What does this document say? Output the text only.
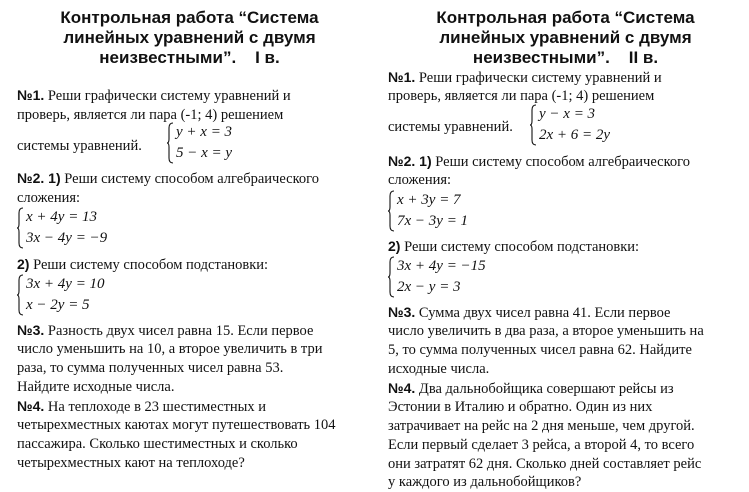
Контрольная работа “Система
линейных уравнений с двумя
неизвестными”. I в.
№1. Реши графически систему уравнений и
проверь, является ли пара (-1; 4) решением
системы уравнений.
y + x = 3
5 − x = y
№2. 1) Реши систему способом алгебраического
сложения:
x + 4y = 13
3x − 4y = −9
2) Реши систему способом подстановки:
3x + 4y = 10
x − 2y = 5
№3. Разность двух чисел равна 15. Если первое
число уменьшить на 10, а второе увеличить в три
раза, то сумма полученных чисел равна 53.
Найдите исходные числа.
№4. На теплоходе в 23 шестиместных и
четырехместных каютах могут путешествовать 104
пассажира. Сколько шестиместных и сколько
четырехместных кают на теплоходе?
Контрольная работа “Система
линейных уравнений с двумя
неизвестными”. II в.
№1. Реши графически систему уравнений и
проверь, является ли пара (-1; 4) решением
системы уравнений.
y − x = 3
2x + 6 = 2y
№2. 1) Реши систему способом алгебраического
сложения:
x + 3y = 7
7x − 3y = 1
2) Реши систему способом подстановки:
3x + 4y = −15
2x − y = 3
№3. Сумма двух чисел равна 41. Если первое
число увеличить в два раза, а второе уменьшить на
5, то сумма полученных чисел равна 62. Найдите
исходные числа.
№4. Два дальнобойщика совершают рейсы из
Эстонии в Италию и обратно. Один из них
затрачивает на рейс на 2 дня меньше, чем другой.
Если первый сделает 3 рейса, а второй 4, то всего
они затратят 62 дня. Сколько дней составляет рейс
у каждого из дальнобойщиков?
